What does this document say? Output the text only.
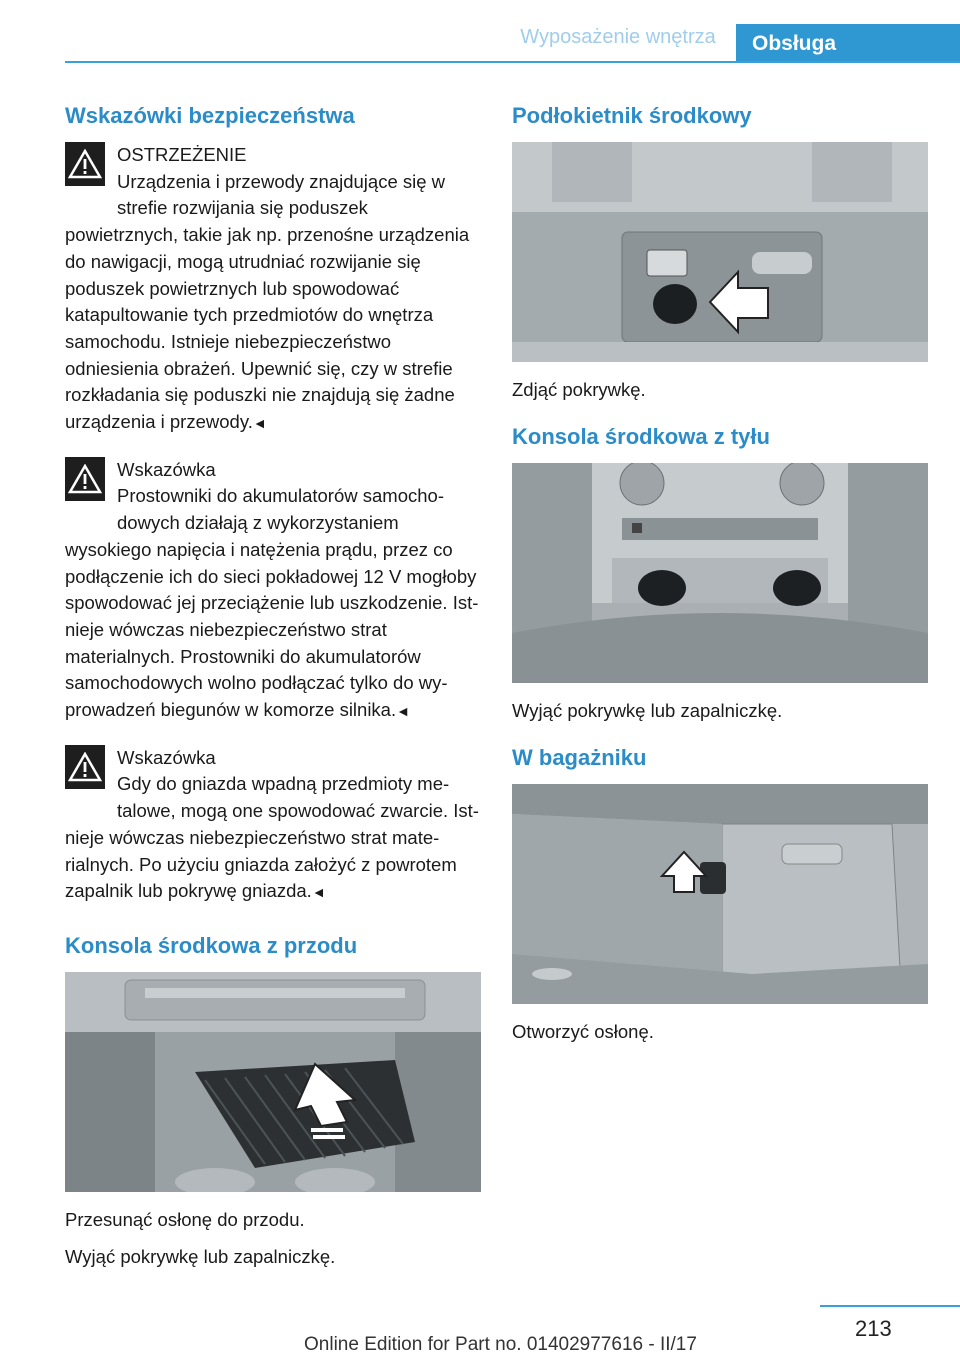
Wyposażenie wnętrza	Obsługa
Wskazówki bezpieczeństwa
OSTRZEŻENIE
Urządzenia i przewody znajdujące się w strefie rozwijania się poduszek powietrznych, takie jak np. przenośne urządzenia do nawigacji, mogą utrudniać rozwijanie się poduszek powietrznych lub spowodować katapultowanie tych przedmiotów do wnętrza samochodu. Istnieje niebezpieczeństwo odniesienia obrażeń. Upewnić się, czy w strefie rozkładania się poduszki nie znajdują się żadne urządzenia i przewody.◄
Wskazówka
Prostowniki do akumulatorów samochodowych działają z wykorzystaniem wysokiego napięcia i natężenia prądu, przez co podłączenie ich do sieci pokładowej 12 V mogłoby spowodować jej przeciążenie lub uszkodzenie. Istnieje wówczas niebezpieczeństwo strat materialnych. Prostowniki do akumulatorów samochodowych wolno podłączać tylko do wyprowadzeń biegunów w komorze silnika.◄
Wskazówka
Gdy do gniazda wpadną przedmioty metalowe, mogą one spowodować zwarcie. Istnieje wówczas niebezpieczeństwo strat materialnych. Po użyciu gniazda założyć z powrotem zapalnik lub pokrywę gniazda.◄
Konsola środkowa z przodu

Przesunąć osłonę do przodu.

Wyjąć pokrywkę lub zapalniczkę.

Podłokietnik środkowy

Zdjąć pokrywkę.

Konsola środkowa z tyłu

Wyjąć pokrywkę lub zapalniczkę.

W bagażniku

Otworzyć osłonę.

213
Online Edition for Part no. 01402977616 - II/17
